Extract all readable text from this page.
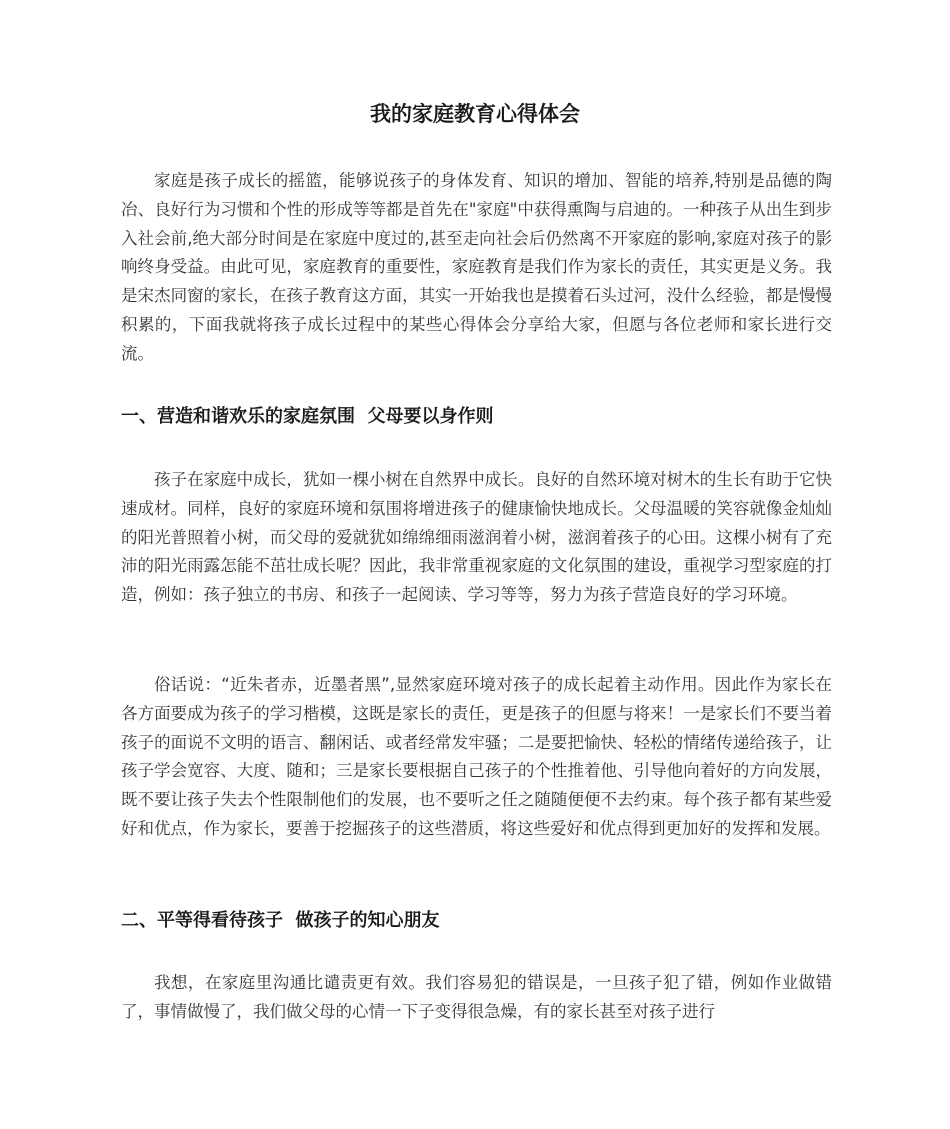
我的家庭教育心得体会

家庭是孩子成长的摇篮，能够说孩子的身体发育、知识的增加、智能的培养,特别是品德的陶冶、良好行为习惯和个性的形成等等都是首先在"家庭"中获得熏陶与启迪的。一种孩子从出生到步入社会前,绝大部分时间是在家庭中度过的,甚至走向社会后仍然离不开家庭的影响,家庭对孩子的影响终身受益。由此可见，家庭教育的重要性，家庭教育是我们作为家长的责任，其实更是义务。我是宋杰同窗的家长，在孩子教育这方面，其实一开始我也是摸着石头过河，没什么经验，都是慢慢积累的，下面我就将孩子成长过程中的某些心得体会分享给大家，但愿与各位老师和家长进行交流。

一、营造和谐欢乐的家庭氛围  父母要以身作则

孩子在家庭中成长，犹如一棵小树在自然界中成长。良好的自然环境对树木的生长有助于它快速成材。同样，良好的家庭环境和氛围将增进孩子的健康愉快地成长。父母温暖的笑容就像金灿灿的阳光普照着小树，而父母的爱就犹如绵绵细雨滋润着小树，滋润着孩子的心田。这棵小树有了充沛的阳光雨露怎能不茁壮成长呢？因此，我非常重视家庭的文化氛围的建设，重视学习型家庭的打造，例如：孩子独立的书房、和孩子一起阅读、学习等等，努力为孩子营造良好的学习环境。

俗话说：“近朱者赤，近墨者黑”,显然家庭环境对孩子的成长起着主动作用。因此作为家长在各方面要成为孩子的学习楷模，这既是家长的责任，更是孩子的但愿与将来！一是家长们不要当着孩子的面说不文明的语言、翻闲话、或者经常发牢骚；二是要把愉快、轻松的情绪传递给孩子，让孩子学会宽容、大度、随和；三是家长要根据自己孩子的个性推着他、引导他向着好的方向发展，既不要让孩子失去个性限制他们的发展，也不要听之任之随随便便不去约束。每个孩子都有某些爱好和优点，作为家长，要善于挖掘孩子的这些潜质，将这些爱好和优点得到更加好的发挥和发展。

二、平等得看待孩子  做孩子的知心朋友

我想，在家庭里沟通比谴责更有效。我们容易犯的错误是，一旦孩子犯了错，例如作业做错了，事情做慢了，我们做父母的心情一下子变得很急燥，有的家长甚至对孩子进行
